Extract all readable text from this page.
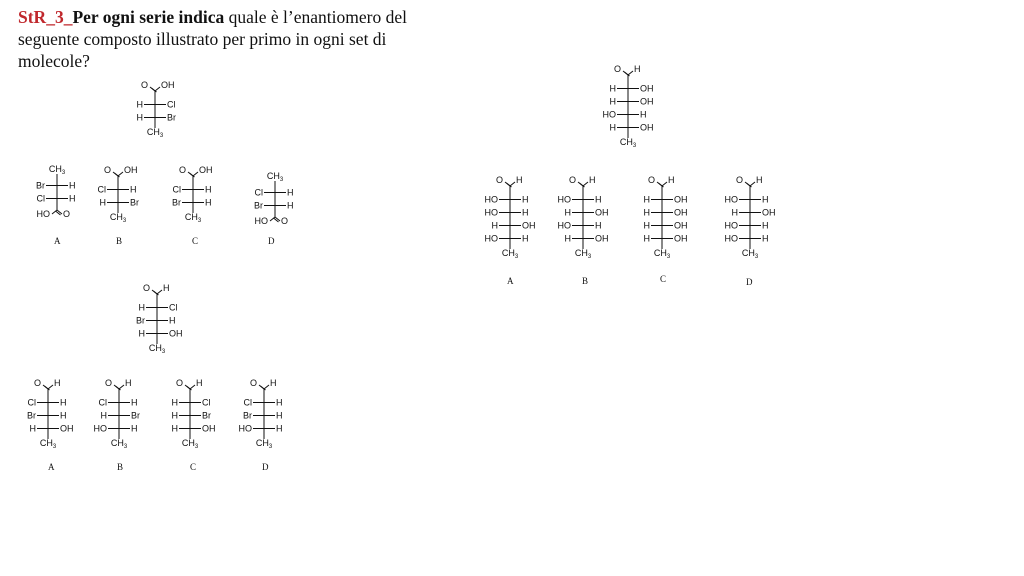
StR_3_Per ogni serie indica quale è l’enantiomero del seguente composto illustrato per primo in ogni set di molecole?

O OH
H	Cl
H	Br
$CH_3$
$CH_3$
Br	H
Cl	H
HO O
O OH
Cl	H
H	Br
$CH_3$
O OH
Cl	H
Br	H
$CH_3$
$CH_3$
Cl	H
Br	H
HO O
A	B	C	D
O H
H	Cl
Br	H
H	OH
$CH_3$
O H
Cl	H
Br	H
H	OH
$CH_3$
O H
Cl	H
H	Br
HO	H
$CH_3$
O H
H	Cl
H	Br
H	OH
$CH_3$
O H
Cl	H
Br	H
HO	H
$CH_3$
A	B	C	D
O H
H	OH
H	OH
HO	H
H	OH
$CH_3$
O H
HO	H
HO	H
H	OH
HO	H
$CH_3$
O H
HO	H
H	OH
HO	H
H	OH
$CH_3$
O H
H	OH
H	OH
H	OH
H	OH
$CH_3$
O H
HO	H
H	OH
HO	H
HO	H
$CH_3$
A	B	C	D
